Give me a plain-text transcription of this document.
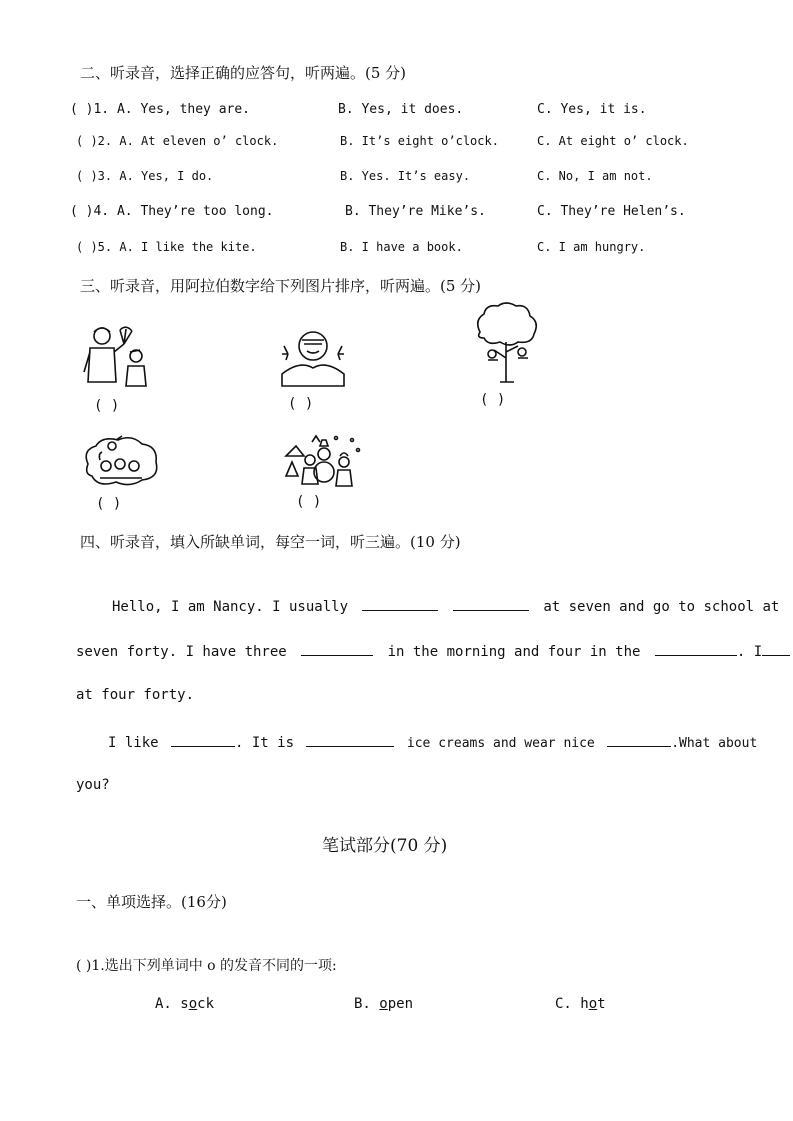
二、听录音，选择正确的应答句，听两遍。(5 分)
( )1. A. Yes, they are.	B. Yes, it does.	C. Yes, it is.
( )2. A. At eleven o’ clock.	B. It’s eight o’clock.	C. At eight o’ clock.
( )3. A. Yes, I do.	B. Yes. It’s easy.	C. No, I am not.
( )4. A. They’re too long.	B. They’re Mike’s.	C. They’re Helen’s.
( )5. A. I like the kite.	B. I have a book.	C. I am hungry.
三、听录音，用阿拉伯数字给下列图片排序，听两遍。(5 分)
( )	( )	( )
( )	( )
四、听录音，填入所缺单词，每空一词，听三遍。(10 分)
Hello, I am Nancy. I usually	at seven and go to school at
seven forty. I have three	in the morning and four in the	. I
at four forty.
I like	. It is	ice creams and wear nice	.What about
you?
笔试部分(70 分)
一、单项选择。(16分)
( )1.选出下列单词中 o 的发音不同的一项:
A. sock	B. open	C. hot
